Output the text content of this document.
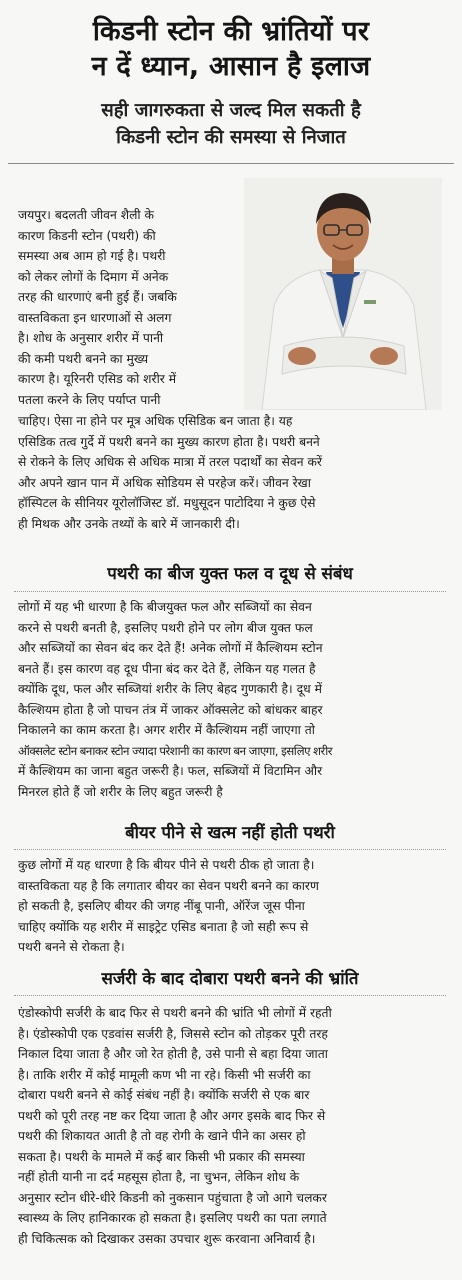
किडनी स्टोन की भ्रांतियों पर
न दें ध्यान, आसान है इलाज
सही जागरुकता से जल्द मिल सकती है
किडनी स्टोन की समस्या से निजात
जयपुर। बदलती जीवन शैली के
कारण किडनी स्टोन (पथरी) की
समस्या अब आम हो गई है। पथरी
को लेकर लोगों के दिमाग में अनेक
तरह की धारणाएं बनी हुई हैं। जबकि
वास्तविकता इन धारणाओं से अलग
है। शोध के अनुसार शरीर में पानी
की कमी पथरी बनने का मुख्य
कारण है। यूरिनरी एसिड को शरीर में
पतला करने के लिए पर्याप्त पानी
चाहिए। ऐसा ना होने पर मूत्र अधिक एसिडिक बन जाता है। यह
एसिडिक तत्व गुर्दे में पथरी बनने का मुख्य कारण होता है। पथरी बनने
से रोकने के लिए अधिक से अधिक मात्रा में तरल पदार्थों का सेवन करें
और अपने खान पान में अधिक सोडियम से परहेज करें। जीवन रेखा
हॉस्पिटल के सीनियर यूरोलॉजिस्ट डॉ. मधुसूदन पाटोदिया ने कुछ ऐसे
ही मिथक और उनके तथ्यों के बारे में जानकारी दी।
पथरी का बीज युक्त फल व दूध से संबंध
लोगों में यह भी धारणा है कि बीजयुक्त फल और सब्जियों का सेवन
करने से पथरी बनती है, इसलिए पथरी होने पर लोग बीज युक्त फल
और सब्जियों का सेवन बंद कर देते हैं! अनेक लोगों में कैल्शियम स्टोन
बनते हैं। इस कारण वह दूध पीना बंद कर देते हैं, लेकिन यह गलत है
क्योंकि दूध, फल और सब्जियां शरीर के लिए बेहद गुणकारी है। दूध में
कैल्शियम होता है जो पाचन तंत्र में जाकर ऑक्सलेट को बांधकर बाहर
निकालने का काम करता है। अगर शरीर में कैल्शियम नहीं जाएगा तो
ऑक्सलेट स्टोन बनाकर स्टोन ज्यादा परेशानी का कारण बन जाएगा, इसलिए शरीर
में कैल्शियम का जाना बहुत जरूरी है। फल, सब्जियों में विटामिन और
मिनरल होते हैं जो शरीर के लिए बहुत जरूरी है
बीयर पीने से खत्म नहीं होती पथरी
कुछ लोगों में यह धारणा है कि बीयर पीने से पथरी ठीक हो जाता है।
वास्तविकता यह है कि लगातार बीयर का सेवन पथरी बनने का कारण
हो सकती है, इसलिए बीयर की जगह नींबू पानी, ऑरेंज जूस पीना
चाहिए क्योंकि यह शरीर में साइट्रेट एसिड बनाता है जो सही रूप से
पथरी बनने से रोकता है।
सर्जरी के बाद दोबारा पथरी बनने की भ्रांति
एंडोस्कोपी सर्जरी के बाद फिर से पथरी बनने की भ्रांति भी लोगों में रहती
है। एंडोस्कोपी एक एडवांस सर्जरी है, जिससे स्टोन को तोड़कर पूरी तरह
निकाल दिया जाता है और जो रेत होती है, उसे पानी से बहा दिया जाता
है। ताकि शरीर में कोई मामूली कण भी ना रहे। किसी भी सर्जरी का
दोबारा पथरी बनने से कोई संबंध नहीं है। क्योंकि सर्जरी से एक बार
पथरी को पूरी तरह नष्ट कर दिया जाता है और अगर इसके बाद फिर से
पथरी की शिकायत आती है तो वह रोगी के खाने पीने का असर हो
सकता है। पथरी के मामले में कई बार किसी भी प्रकार की समस्या
नहीं होती यानी ना दर्द महसूस होता है, ना चुभन, लेकिन शोध के
अनुसार स्टोन धीरे-धीरे किडनी को नुकसान पहुंचाता है जो आगे चलकर
स्वास्थ्य के लिए हानिकारक हो सकता है। इसलिए पथरी का पता लगाते
ही चिकित्सक को दिखाकर उसका उपचार शुरू करवाना अनिवार्य है।
